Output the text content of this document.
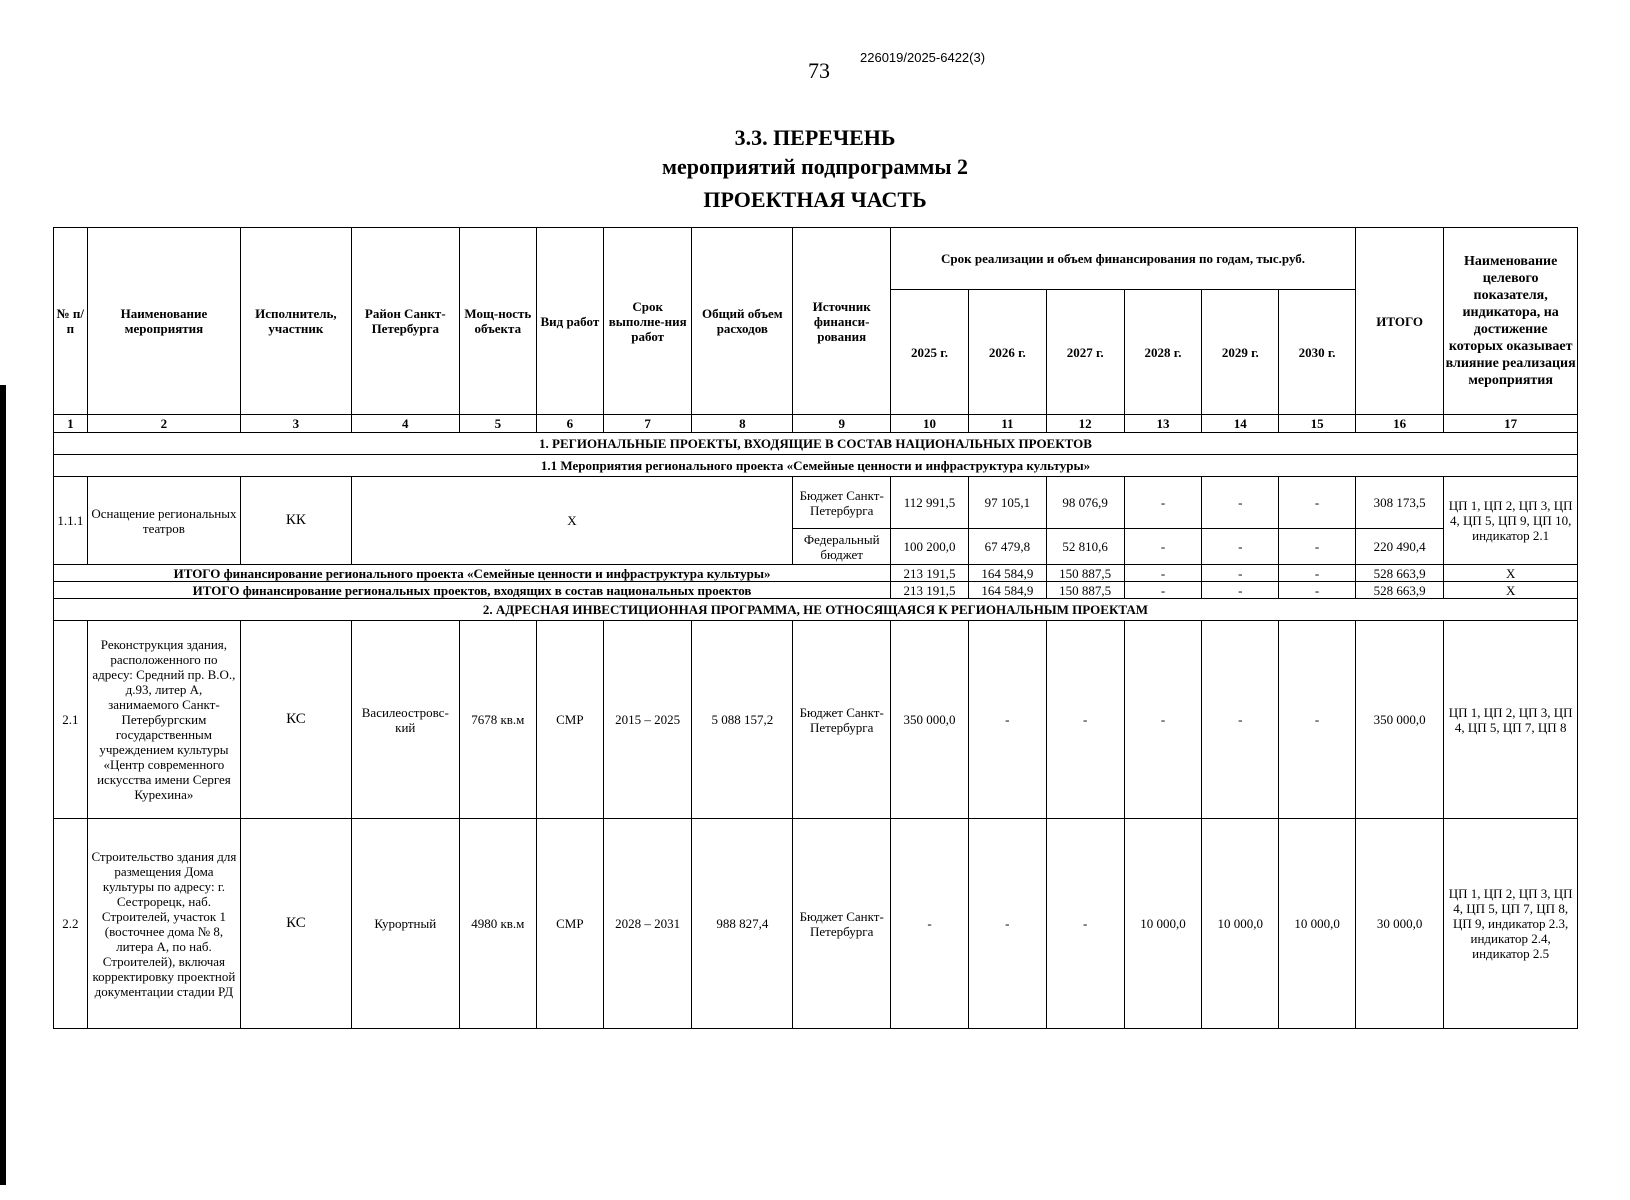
73
226019/2025-6422(3)
3.3. ПЕРЕЧЕНЬ
мероприятий подпрограммы 2
ПРОЕКТНАЯ ЧАСТЬ
№ п/п	Наименование мероприятия	Исполнитель, участник	Район Санкт-Петербурга	Мощ-ность объекта	Вид работ	Срок выполне-ния работ	Общий объем расходов	Источник финанси-рования	Срок реализации и объем финансирования по годам, тыс.руб.						ИТОГО	Наименование целевого показателя, индикатора, на достижение которых оказывает влияние реализация мероприятия
									2025 г.	2026 г.	2027 г.	2028 г.	2029 г.	2030 г.		
1	2	3	4	5	6	7	8	9	10	11	12	13	14	15	16	17
1. РЕГИОНАЛЬНЫЕ ПРОЕКТЫ, ВХОДЯЩИЕ В СОСТАВ НАЦИОНАЛЬНЫХ ПРОЕКТОВ																
1.1 Мероприятия регионального проекта «Семейные ценности и инфраструктура культуры»																
1.1.1	Оснащение региональных театров	КК	Х					Бюджет Санкт-Петербурга	112 991,5	97 105,1	98 076,9	-	-	-	308 173,5	ЦП 1, ЦП 2, ЦП 3, ЦП 4, ЦП 5, ЦП 9, ЦП 10, индикатор 2.1
								Федеральный бюджет	100 200,0	67 479,8	52 810,6	-	-	-	220 490,4	
ИТОГО финансирование регионального проекта «Семейные ценности и инфраструктура культуры»									213 191,5	164 584,9	150 887,5	-	-	-	528 663,9	Х
ИТОГО финансирование региональных проектов, входящих в состав национальных проектов									213 191,5	164 584,9	150 887,5	-	-	-	528 663,9	Х
2. АДРЕСНАЯ ИНВЕСТИЦИОННАЯ ПРОГРАММА, НЕ ОТНОСЯЩАЯСЯ К РЕГИОНАЛЬНЫМ ПРОЕКТАМ																
2.1	Реконструкция здания, расположенного по адресу: Средний пр. В.О., д.93, литер А, занимаемого Санкт-Петербургским государственным учреждением культуры «Центр современного искусства имени Сергея Курехина»	КС	Василеостровс-кий	7678 кв.м	СМР	2015 – 2025	5 088 157,2	Бюджет Санкт-Петербурга	350 000,0	-	-	-	-	-	350 000,0	ЦП 1, ЦП 2, ЦП 3, ЦП 4, ЦП 5, ЦП 7, ЦП 8
2.2	Строительство здания для размещения Дома культуры по адресу: г. Сестрорецк, наб. Строителей, участок 1 (восточнее дома № 8, литера А, по наб. Строителей), включая корректировку проектной документации стадии РД	КС	Курортный	4980 кв.м	СМР	2028 – 2031	988 827,4	Бюджет Санкт-Петербурга	-	-	-	10 000,0	10 000,0	10 000,0	30 000,0	ЦП 1, ЦП 2, ЦП 3, ЦП 4, ЦП 5, ЦП 7, ЦП 8, ЦП 9, индикатор 2.3, индикатор 2.4, индикатор 2.5
